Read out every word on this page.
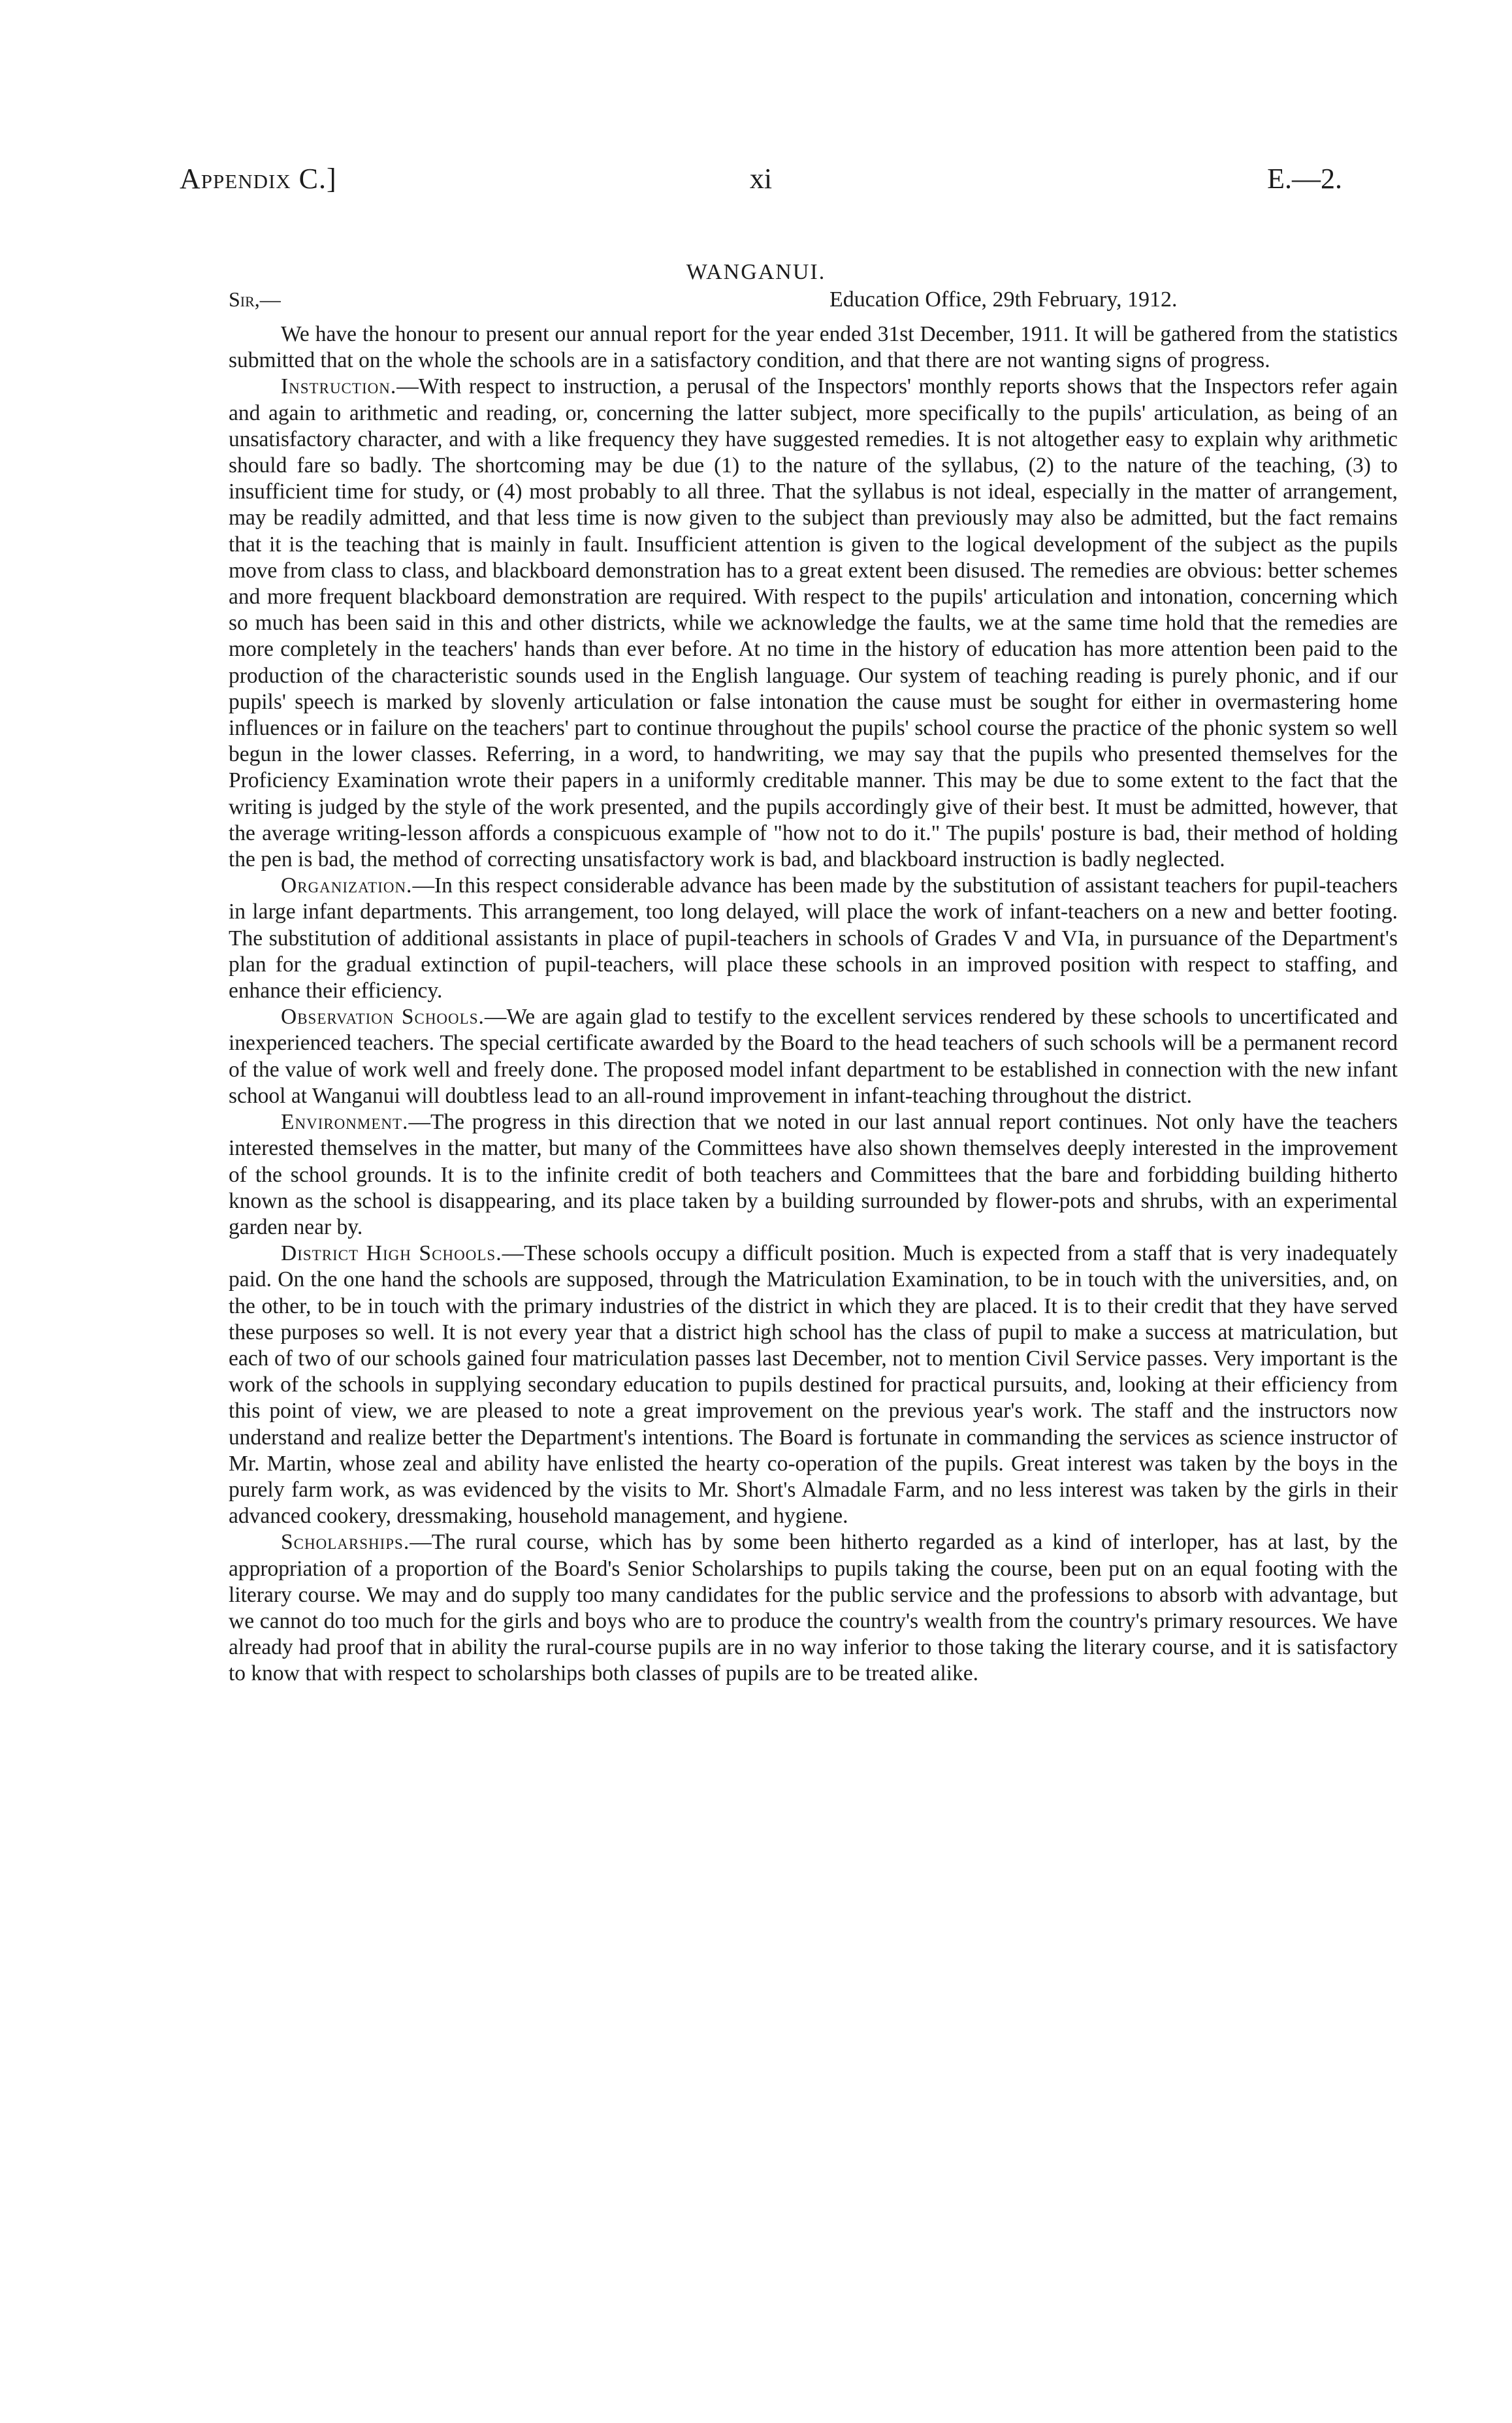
Appendix C.]	xi	E.—2.
WANGANUI.
Sir,—	Education Office, 29th February, 1912.

We have the honour to present our annual report for the year ended 31st December, 1911. It will be gathered from the statistics submitted that on the whole the schools are in a satisfactory condition, and that there are not wanting signs of progress.

Instruction.—With respect to instruction, a perusal of the Inspectors' monthly reports shows that the Inspectors refer again and again to arithmetic and reading, or, concerning the latter subject, more specifically to the pupils' articulation, as being of an unsatisfactory character, and with a like frequency they have suggested remedies. It is not altogether easy to explain why arithmetic should fare so badly. The shortcoming may be due (1) to the nature of the syllabus, (2) to the nature of the teaching, (3) to insufficient time for study, or (4) most probably to all three. That the syllabus is not ideal, especially in the matter of arrangement, may be readily admitted, and that less time is now given to the subject than previously may also be admitted, but the fact remains that it is the teaching that is mainly in fault. Insufficient attention is given to the logical development of the subject as the pupils move from class to class, and blackboard demonstration has to a great extent been disused. The remedies are obvious: better schemes and more frequent blackboard demonstration are required. With respect to the pupils' articulation and intonation, concerning which so much has been said in this and other districts, while we acknowledge the faults, we at the same time hold that the remedies are more completely in the teachers' hands than ever before. At no time in the history of education has more attention been paid to the production of the characteristic sounds used in the English language. Our system of teaching reading is purely phonic, and if our pupils' speech is marked by slovenly articulation or false intonation the cause must be sought for either in overmastering home influences or in failure on the teachers' part to continue throughout the pupils' school course the practice of the phonic system so well begun in the lower classes. Referring, in a word, to handwriting, we may say that the pupils who presented themselves for the Proficiency Examination wrote their papers in a uniformly creditable manner. This may be due to some extent to the fact that the writing is judged by the style of the work presented, and the pupils accordingly give of their best. It must be admitted, however, that the average writing-lesson affords a conspicuous example of "how not to do it." The pupils' posture is bad, their method of holding the pen is bad, the method of correcting unsatisfactory work is bad, and blackboard instruction is badly neglected.

Organization.—In this respect considerable advance has been made by the substitution of assistant teachers for pupil-teachers in large infant departments. This arrangement, too long delayed, will place the work of infant-teachers on a new and better footing. The substitution of additional assistants in place of pupil-teachers in schools of Grades V and VIa, in pursuance of the Department's plan for the gradual extinction of pupil-teachers, will place these schools in an improved position with respect to staffing, and enhance their efficiency.

Observation Schools.—We are again glad to testify to the excellent services rendered by these schools to uncertificated and inexperienced teachers. The special certificate awarded by the Board to the head teachers of such schools will be a permanent record of the value of work well and freely done. The proposed model infant department to be established in connection with the new infant school at Wanganui will doubtless lead to an all-round improvement in infant-teaching throughout the district.

Environment.—The progress in this direction that we noted in our last annual report continues. Not only have the teachers interested themselves in the matter, but many of the Committees have also shown themselves deeply interested in the improvement of the school grounds. It is to the infinite credit of both teachers and Committees that the bare and forbidding building hitherto known as the school is disappearing, and its place taken by a building surrounded by flower-pots and shrubs, with an experimental garden near by.

District High Schools.—These schools occupy a difficult position. Much is expected from a staff that is very inadequately paid. On the one hand the schools are supposed, through the Matriculation Examination, to be in touch with the universities, and, on the other, to be in touch with the primary industries of the district in which they are placed. It is to their credit that they have served these purposes so well. It is not every year that a district high school has the class of pupil to make a success at matriculation, but each of two of our schools gained four matriculation passes last December, not to mention Civil Service passes. Very important is the work of the schools in supplying secondary education to pupils destined for practical pursuits, and, looking at their efficiency from this point of view, we are pleased to note a great improvement on the previous year's work. The staff and the instructors now understand and realize better the Department's intentions. The Board is fortunate in commanding the services as science instructor of Mr. Martin, whose zeal and ability have enlisted the hearty co-operation of the pupils. Great interest was taken by the boys in the purely farm work, as was evidenced by the visits to Mr. Short's Almadale Farm, and no less interest was taken by the girls in their advanced cookery, dressmaking, household management, and hygiene.

Scholarships.—The rural course, which has by some been hitherto regarded as a kind of interloper, has at last, by the appropriation of a proportion of the Board's Senior Scholarships to pupils taking the course, been put on an equal footing with the literary course. We may and do supply too many candidates for the public service and the professions to absorb with advantage, but we cannot do too much for the girls and boys who are to produce the country's wealth from the country's primary resources. We have already had proof that in ability the rural-course pupils are in no way inferior to those taking the literary course, and it is satisfactory to know that with respect to scholarships both classes of pupils are to be treated alike.
